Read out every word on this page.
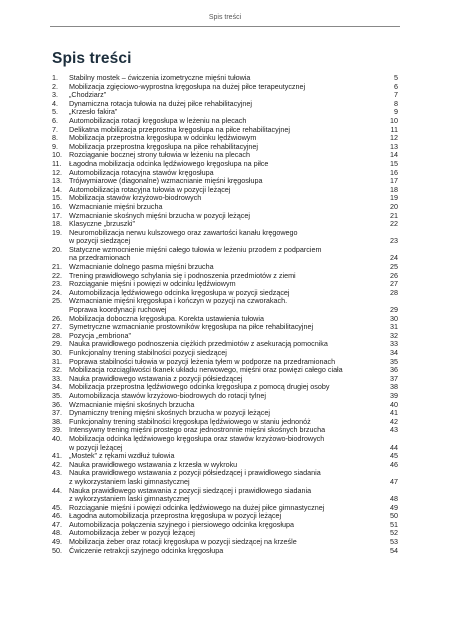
Spis treści
Spis treści
1.	Stabilny mostek – ćwiczenia izometryczne mięśni tułowia	5
2.	Mobilizacja zgięciowo-wyprostna kręgosłupa na dużej piłce terapeutycznej	6
3.	„Chodziarz”	7
4.	Dynamiczna rotacja tułowia na dużej piłce rehabilitacyjnej	8
5.	„Krzesło fakira”	9
6.	Automobilizacja rotacji kręgosłupa w leżeniu na plecach	10
7.	Delikatna mobilizacja przeprostna kręgosłupa na piłce rehabilitacyjnej	11
8.	Mobilizacja przeprostna kręgosłupa w odcinku lędźwiowym	12
9.	Mobilizacja przeprostna kręgosłupa na piłce rehabilitacyjnej	13
10. Rozciąganie bocznej strony tułowia w leżeniu na plecach	14
11.	Łagodna mobilizacja odcinka lędźwiowego kręgosłupa na piłce	15
12. Automobilizacja rotacyjna stawów kręgosłupa	16
13. Trójwymiarowe (diagonalne) wzmacnianie mięśni kręgosłupa	17
14. Automobilizacja rotacyjna tułowia w pozycji leżącej	18
15. Mobilizacja stawów krzyżowo-biodrowych	19
16. Wzmacnianie mięśni brzucha	20
17. Wzmacnianie skośnych mięśni brzucha w pozycji leżącej	21
18. Klasyczne „brzuszki”	22
19. Neuromobilizacja nerwu kulszowego oraz zawartości kanału kręgowego
w pozycji siedzącej	23
20. Statyczne wzmocnienie mięśni całego tułowia w leżeniu przodem z podparciem
na przedramionach	24
21. Wzmacnianie dolnego pasma mięśni brzucha	25
22. Trening prawidłowego schylania się i podnoszenia przedmiotów z ziemi	26
23. Rozciąganie mięśni i powięzi w odcinku lędźwiowym	27
24. Automobilizacja lędźwiowego odcinka kręgosłupa w pozycji siedzącej	28
25. Wzmacnianie mięśni kręgosłupa i kończyn w pozycji na czworakach.
Poprawa koordynacji ruchowej	29
26. Mobilizacja doboczna kręgosłupa. Korekta ustawienia tułowia	30
27. Symetryczne wzmacnianie prostowników kręgosłupa na piłce rehabilitacyjnej	31
28. Pozycja „embriona”	32
29. Nauka prawidłowego podnoszenia ciężkich przedmiotów z asekuracją pomocnika	33
30. Funkcjonalny trening stabilności pozycji siedzącej	34
31. Poprawa stabilności tułowia w pozycji leżenia tyłem w podporze na przedramionach	35
32. Mobilizacja rozciągliwości tkanek układu nerwowego, mięśni oraz powięzi całego ciała	36
33. Nauka prawidłowego wstawania z pozycji półsiedzącej	37
34. Mobilizacja przeprostna lędźwiowego odcinka kręgosłupa z pomocą drugiej osoby	38
35. Automobilizacja stawów krzyżowo-biodrowych do rotacji tylnej	39
36. Wzmacnianie mięśni skośnych brzucha	40
37. Dynamiczny trening mięśni skośnych brzucha w pozycji leżącej	41
38. Funkcjonalny trening stabilności kręgosłupa lędźwiowego w staniu jednonóż	42
39. Intensywny trening mięśni prostego oraz jednostronnie mięśni skośnych brzucha	43
40. Mobilizacja odcinka lędźwiowego kręgosłupa oraz stawów krzyżowo-biodrowych
w pozycji leżącej	44
41. „Mostek” z rękami wzdłuż tułowia	45
42. Nauka prawidłowego wstawania z krzesła w wykroku	46
43. Nauka prawidłowego wstawania z pozycji półsiedzącej i prawidłowego siadania
z wykorzystaniem laski gimnastycznej	47
44. Nauka prawidłowego wstawania z pozycji siedzącej i prawidłowego siadania
z wykorzystaniem laski gimnastycznej	48
45. Rozciąganie mięśni i powięzi odcinka lędźwiowego na dużej piłce gimnastycznej	49
46. Łagodna automobilizacja przeprostna kręgosłupa w pozycji leżącej	50
47. Automobilizacja połączenia szyjnego i piersiowego odcinka kręgosłupa	51
48. Automobilizacja żeber w pozycji leżącej	52
49. Mobilizacja żeber oraz rotacji kręgosłupa w pozycji siedzącej na krześle	53
50. Ćwiczenie retrakcji szyjnego odcinka kręgosłupa	54
